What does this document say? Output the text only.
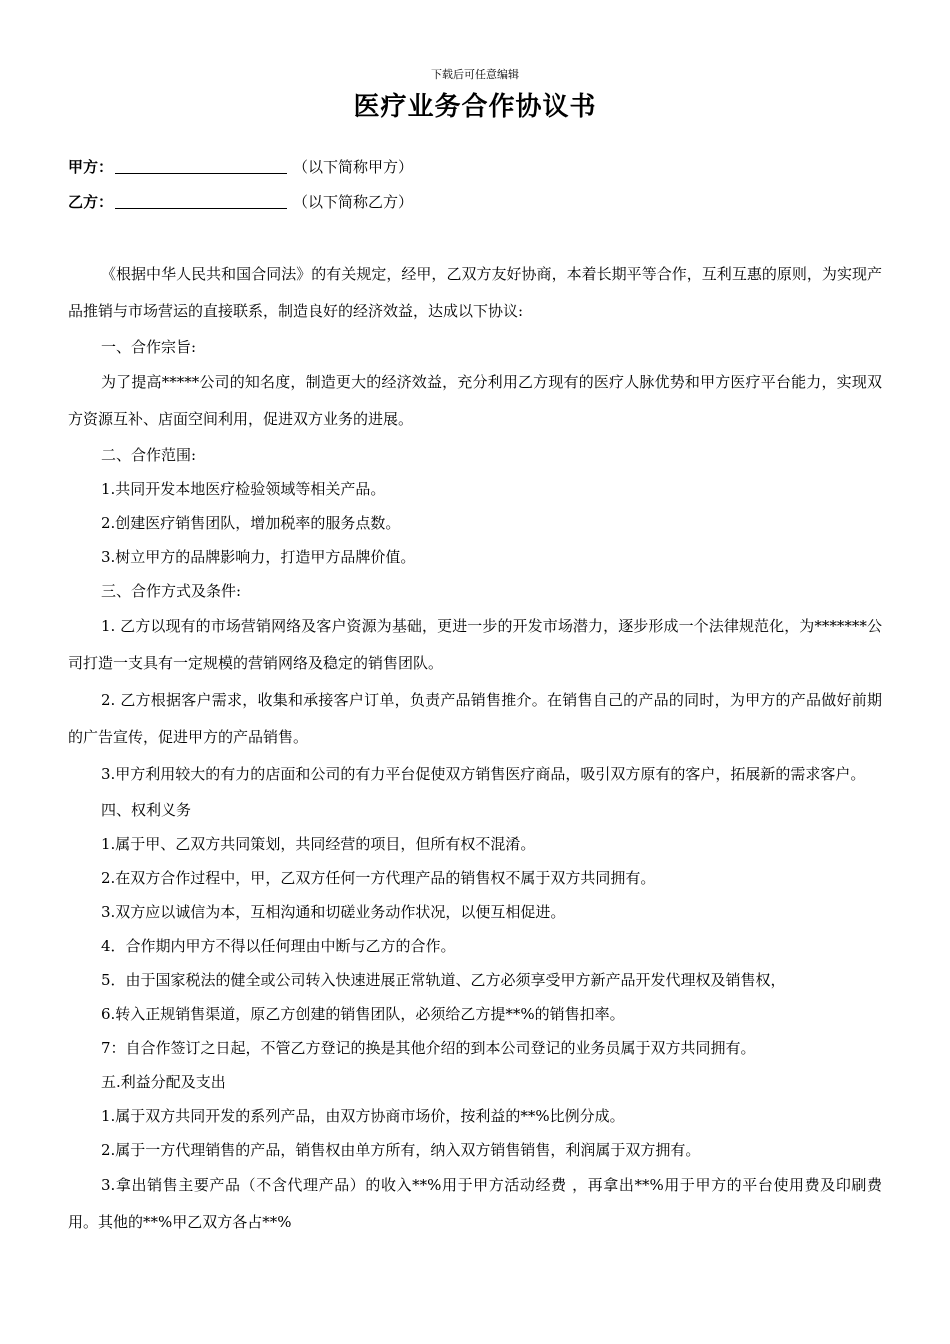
下载后可任意编辑
医疗业务合作协议书
甲方：	（以下简称甲方）
乙方：	（以下简称乙方）

《根据中华人民共和国合同法》的有关规定，经甲，乙双方友好协商，本着长期平等合作，互利互惠的原则，为实现产品推销与市场营运的直接联系，制造良好的经济效益，达成以下协议:

一、合作宗旨:

为了提高*****公司的知名度，制造更大的经济效益，充分利用乙方现有的医疗人脉优势和甲方医疗平台能力，实现双方资源互补、店面空间利用，促进双方业务的进展。

二、合作范围:

1.共同开发本地医疗检验领域等相关产品。

2.创建医疗销售团队，增加税率的服务点数。

3.树立甲方的品牌影响力，打造甲方品牌价值。

三、合作方式及条件:

1. 乙方以现有的市场营销网络及客户资源为基础，更进一步的开发市场潜力，逐步形成一个法律规范化，为*******公司打造一支具有一定规模的营销网络及稳定的销售团队。

2. 乙方根据客户需求，收集和承接客户订单，负责产品销售推介。在销售自己的产品的同时，为甲方的产品做好前期的广告宣传，促进甲方的产品销售。

3.甲方利用较大的有力的店面和公司的有力平台促使双方销售医疗商品，吸引双方原有的客户，拓展新的需求客户。

四、权利义务

1.属于甲、乙双方共同策划，共同经营的项目，但所有权不混淆。

2.在双方合作过程中，甲，乙双方任何一方代理产品的销售权不属于双方共同拥有。

3.双方应以诚信为本，互相沟通和切磋业务动作状况，以便互相促进。

4．合作期内甲方不得以任何理由中断与乙方的合作。

5．由于国家税法的健全或公司转入快速进展正常轨道、乙方必须享受甲方新产品开发代理权及销售权，

6.转入正规销售渠道，原乙方创建的销售团队，必须给乙方提**%的销售扣率。

7：自合作签订之日起，不管乙方登记的换是其他介绍的到本公司登记的业务员属于双方共同拥有。

五.利益分配及支出

1.属于双方共同开发的系列产品，由双方协商市场价，按利益的**%比例分成。

2.属于一方代理销售的产品，销售权由单方所有，纳入双方销售销售，利润属于双方拥有。

3.拿出销售主要产品（不含代理产品）的收入**%用于甲方活动经费 ，再拿出**%用于甲方的平台使用费及印刷费用。其他的**%甲乙双方各占**%
